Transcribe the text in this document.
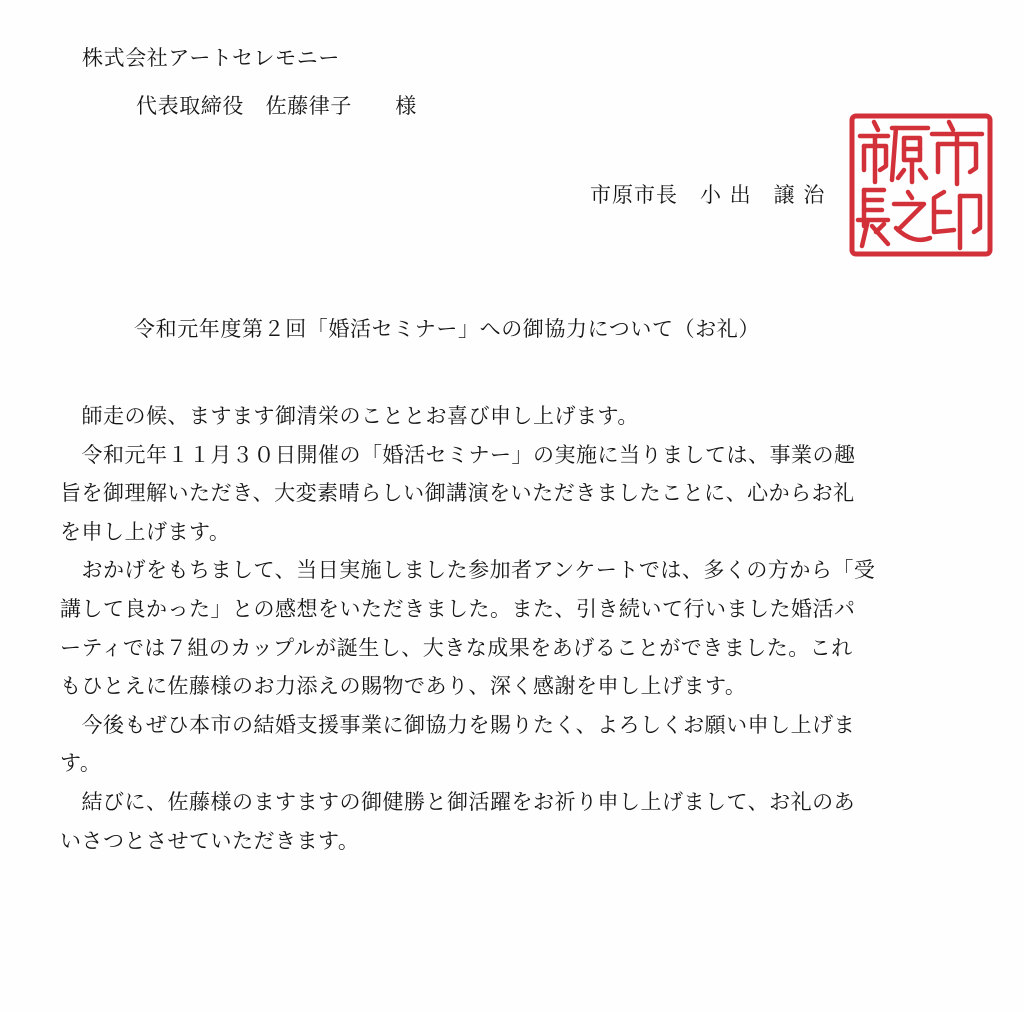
株式会社アートセレモニー
代表取締役　佐藤律子　　様
市原市長　小 出　譲 治
令和元年度第２回「婚活セミナー」への御協力について（お礼）
　師走の候、ますます御清栄のこととお喜び申し上げます。
　令和元年１１月３０日開催の「婚活セミナー」の実施に当りましては、事業の趣
旨を御理解いただき、大変素晴らしい御講演をいただきましたことに、心からお礼
を申し上げます。
　おかげをもちまして、当日実施しました参加者アンケートでは、多くの方から「受
講して良かった」との感想をいただきました。また、引き続いて行いました婚活パ
ーティでは７組のカップルが誕生し、大きな成果をあげることができました。これ
もひとえに佐藤様のお力添えの賜物であり、深く感謝を申し上げます。
　今後もぜひ本市の結婚支援事業に御協力を賜りたく、よろしくお願い申し上げま
す。
　結びに、佐藤様のますますの御健勝と御活躍をお祈り申し上げまして、お礼のあ
いさつとさせていただきます。
